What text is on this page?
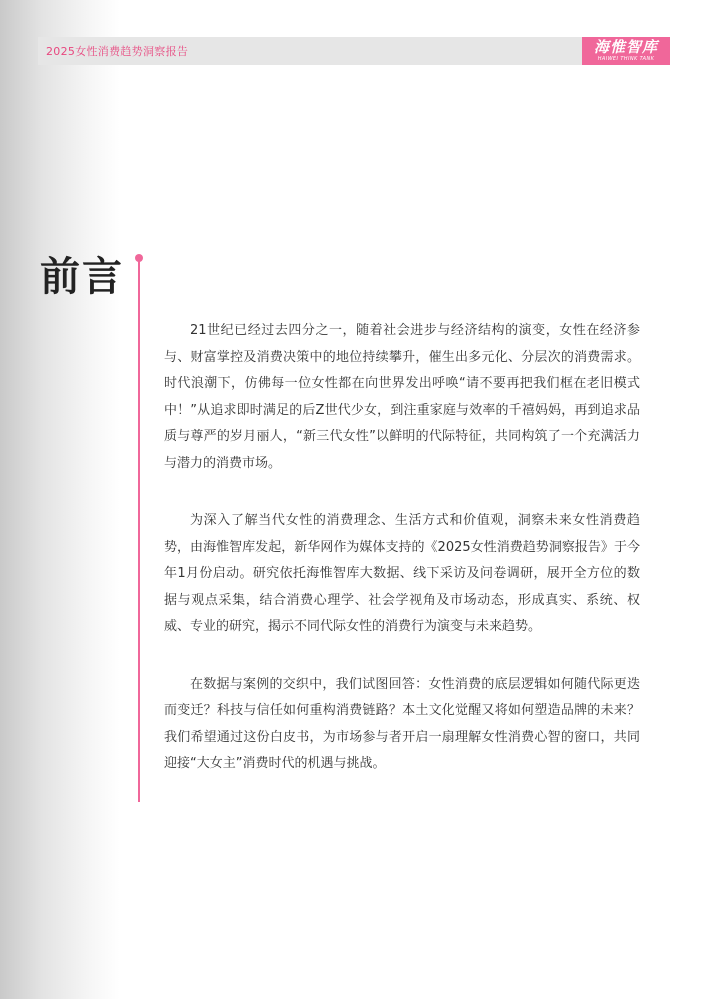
2025女性消费趋势洞察报告	海惟智库
HAIWEI THINK TANK
前言

21世纪已经过去四分之一，随着社会进步与经济结构的演变，女性在经济参与、财富掌控及消费决策中的地位持续攀升，催生出多元化、分层次的消费需求。时代浪潮下，仿佛每一位女性都在向世界发出呼唤“请不要再把我们框在老旧模式中！”从追求即时满足的后Z世代少女，到注重家庭与效率的千禧妈妈，再到追求品质与尊严的岁月丽人，“新三代女性”以鲜明的代际特征，共同构筑了一个充满活力与潜力的消费市场。

为深入了解当代女性的消费理念、生活方式和价值观，洞察未来女性消费趋势，由海惟智库发起，新华网作为媒体支持的《2025女性消费趋势洞察报告》于今年1月份启动。研究依托海惟智库大数据、线下采访及问卷调研，展开全方位的数据与观点采集，结合消费心理学、社会学视角及市场动态，形成真实、系统、权威、专业的研究，揭示不同代际女性的消费行为演变与未来趋势。

在数据与案例的交织中，我们试图回答：女性消费的底层逻辑如何随代际更迭而变迁？科技与信任如何重构消费链路？本土文化觉醒又将如何塑造品牌的未来？我们希望通过这份白皮书，为市场参与者开启一扇理解女性消费心智的窗口，共同迎接“大女主”消费时代的机遇与挑战。
